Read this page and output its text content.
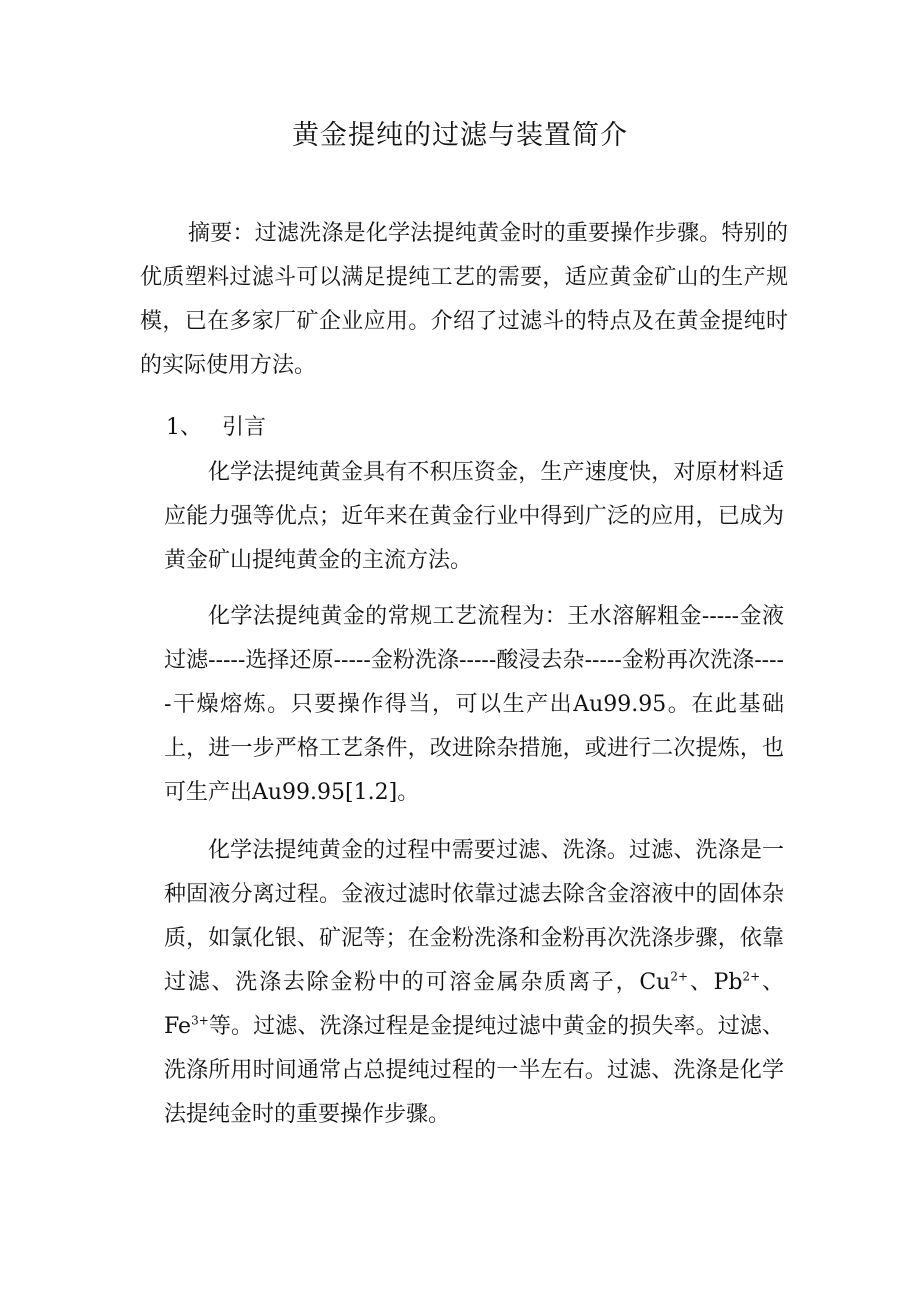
黄金提纯的过滤与装置简介
摘要：过滤洗涤是化学法提纯黄金时的重要操作步骤。特别的优质塑料过滤斗可以满足提纯工艺的需要，适应黄金矿山的生产规模，已在多家厂矿企业应用。介绍了过滤斗的特点及在黄金提纯时的实际使用方法。
1、 引言

化学法提纯黄金具有不积压资金，生产速度快，对原材料适应能力强等优点；近年来在黄金行业中得到广泛的应用，已成为黄金矿山提纯黄金的主流方法。

化学法提纯黄金的常规工艺流程为：王水溶解粗金-----金液过滤-----选择还原-----金粉洗涤-----酸浸去杂-----金粉再次洗涤-----干燥熔炼。只要操作得当，可以生产出Au99.95。在此基础上，进一步严格工艺条件，改进除杂措施，或进行二次提炼，也可生产出Au99.95[1.2]。

化学法提纯黄金的过程中需要过滤、洗涤。过滤、洗涤是一种固液分离过程。金液过滤时依靠过滤去除含金溶液中的固体杂质，如氯化银、矿泥等；在金粉洗涤和金粉再次洗涤步骤，依靠过滤、洗涤去除金粉中的可溶金属杂质离子，$Cu^{2+}$、$Pb^{2+}$、$Fe^{3+}$等。过滤、洗涤过程是金提纯过滤中黄金的损失率。过滤、洗涤所用时间通常占总提纯过程的一半左右。过滤、洗涤是化学法提纯金时的重要操作步骤。
